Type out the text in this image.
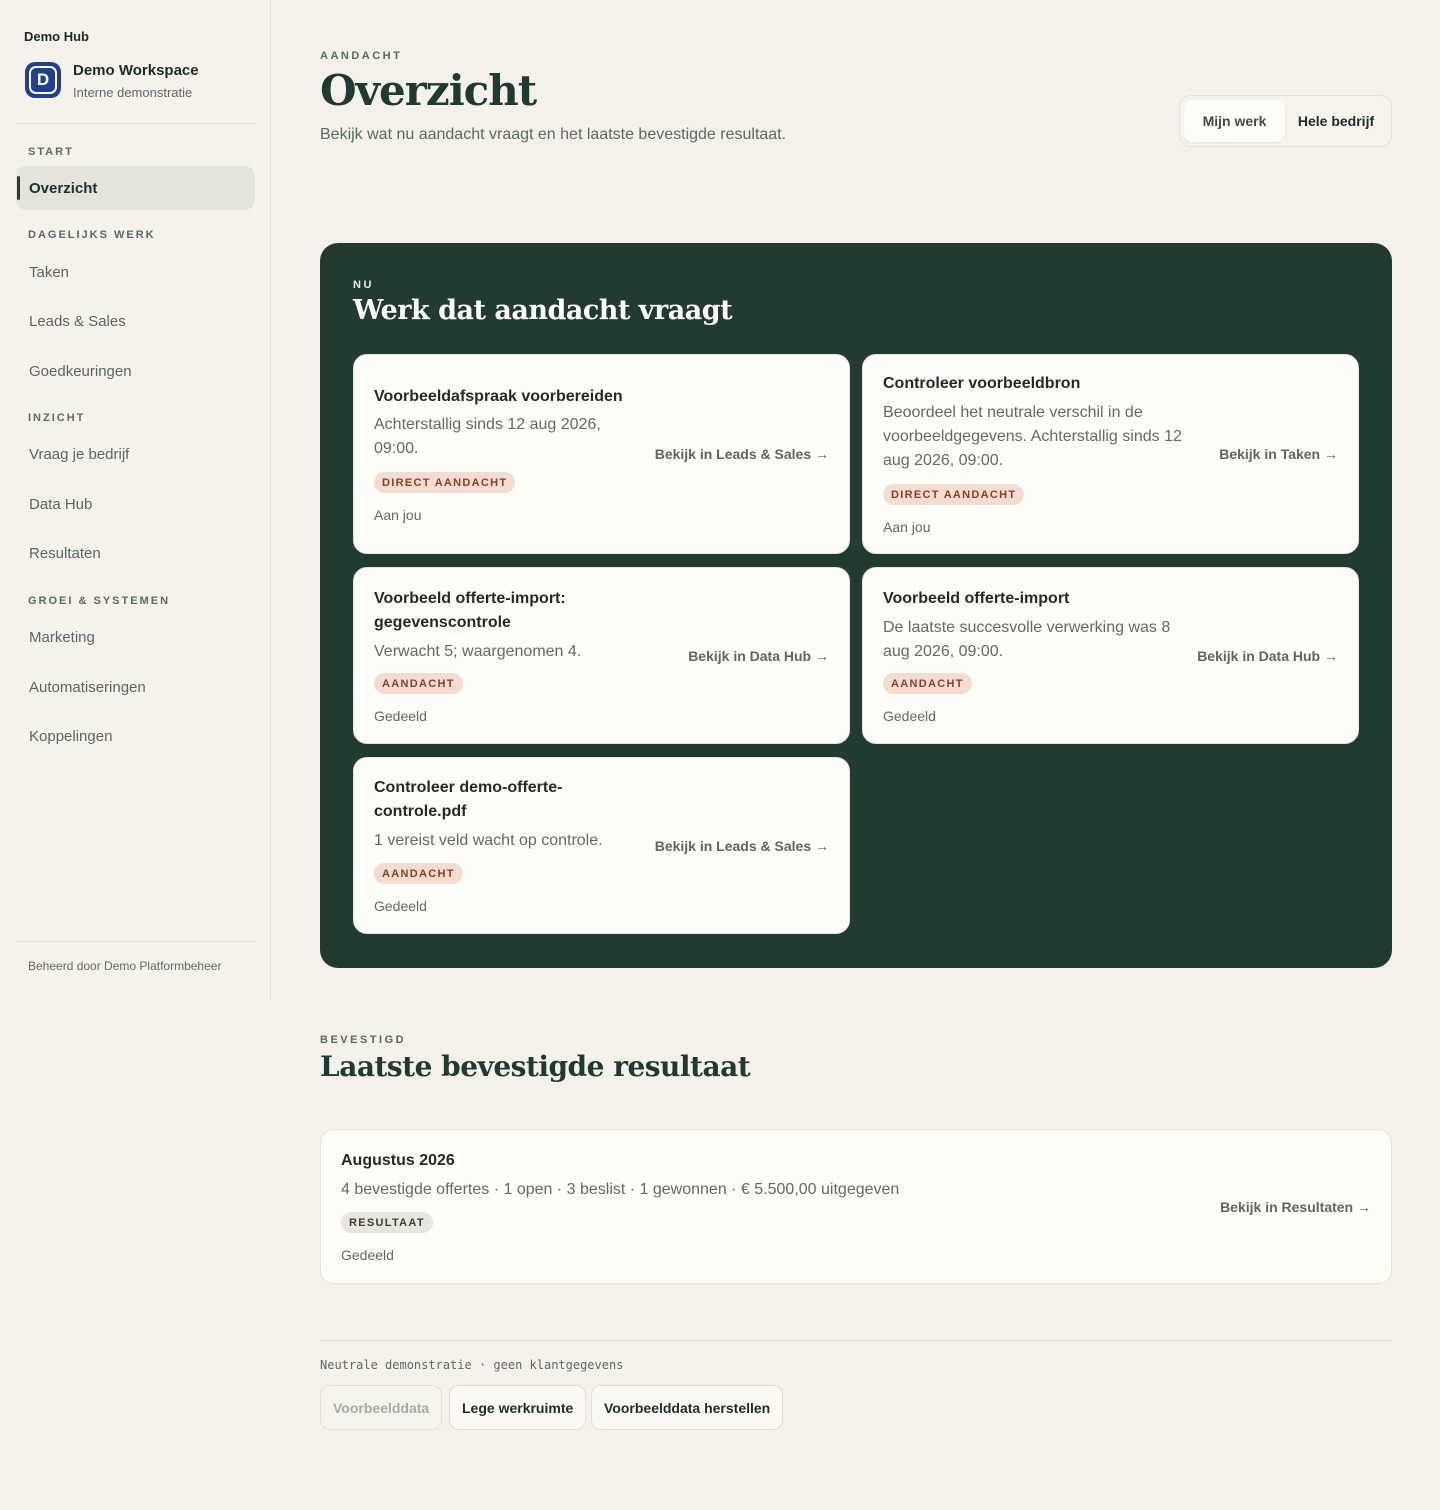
Demo Hub
D	Demo Workspace
Interne demonstratie
START
Overzicht
DAGELIJKS WERK
Taken
Leads & Sales
Goedkeuringen
INZICHT
Vraag je bedrijf
Data Hub
Resultaten
GROEI & SYSTEMEN
Marketing
Automatiseringen
Koppelingen
Beheerd door Demo Platformbeheer
AANDACHT
Overzicht
Bekijk wat nu aandacht vraagt en het laatste bevestigde resultaat.
Mijn werk	Hele bedrijf
NU
Werk dat aandacht vraagt
Voorbeeldafspraak voorbereiden
Achterstallig sinds 12 aug 2026,
09:00.
DIRECT AANDACHT
Aan jou
Bekijk in Leads & Sales →
Controleer voorbeeldbron
Beoordeel het neutrale verschil in de
voorbeeldgegevens. Achterstallig sinds 12
aug 2026, 09:00.
DIRECT AANDACHT
Aan jou
Bekijk in Taken →
Voorbeeld offerte-import:
gegevenscontrole
Verwacht 5; waargenomen 4.
AANDACHT
Gedeeld
Bekijk in Data Hub →
Voorbeeld offerte-import
De laatste succesvolle verwerking was 8
aug 2026, 09:00.
AANDACHT
Gedeeld
Bekijk in Data Hub →
Controleer demo-offerte-
controle.pdf
1 vereist veld wacht op controle.
AANDACHT
Gedeeld
Bekijk in Leads & Sales →
BEVESTIGD
Laatste bevestigde resultaat
Augustus 2026
4 bevestigde offertes · 1 open · 3 beslist · 1 gewonnen · € 5.500,00 uitgegeven
RESULTAAT
Gedeeld
Bekijk in Resultaten →
Neutrale demonstratie · geen klantgegevens
Voorbeelddata	Lege werkruimte	Voorbeelddata herstellen
